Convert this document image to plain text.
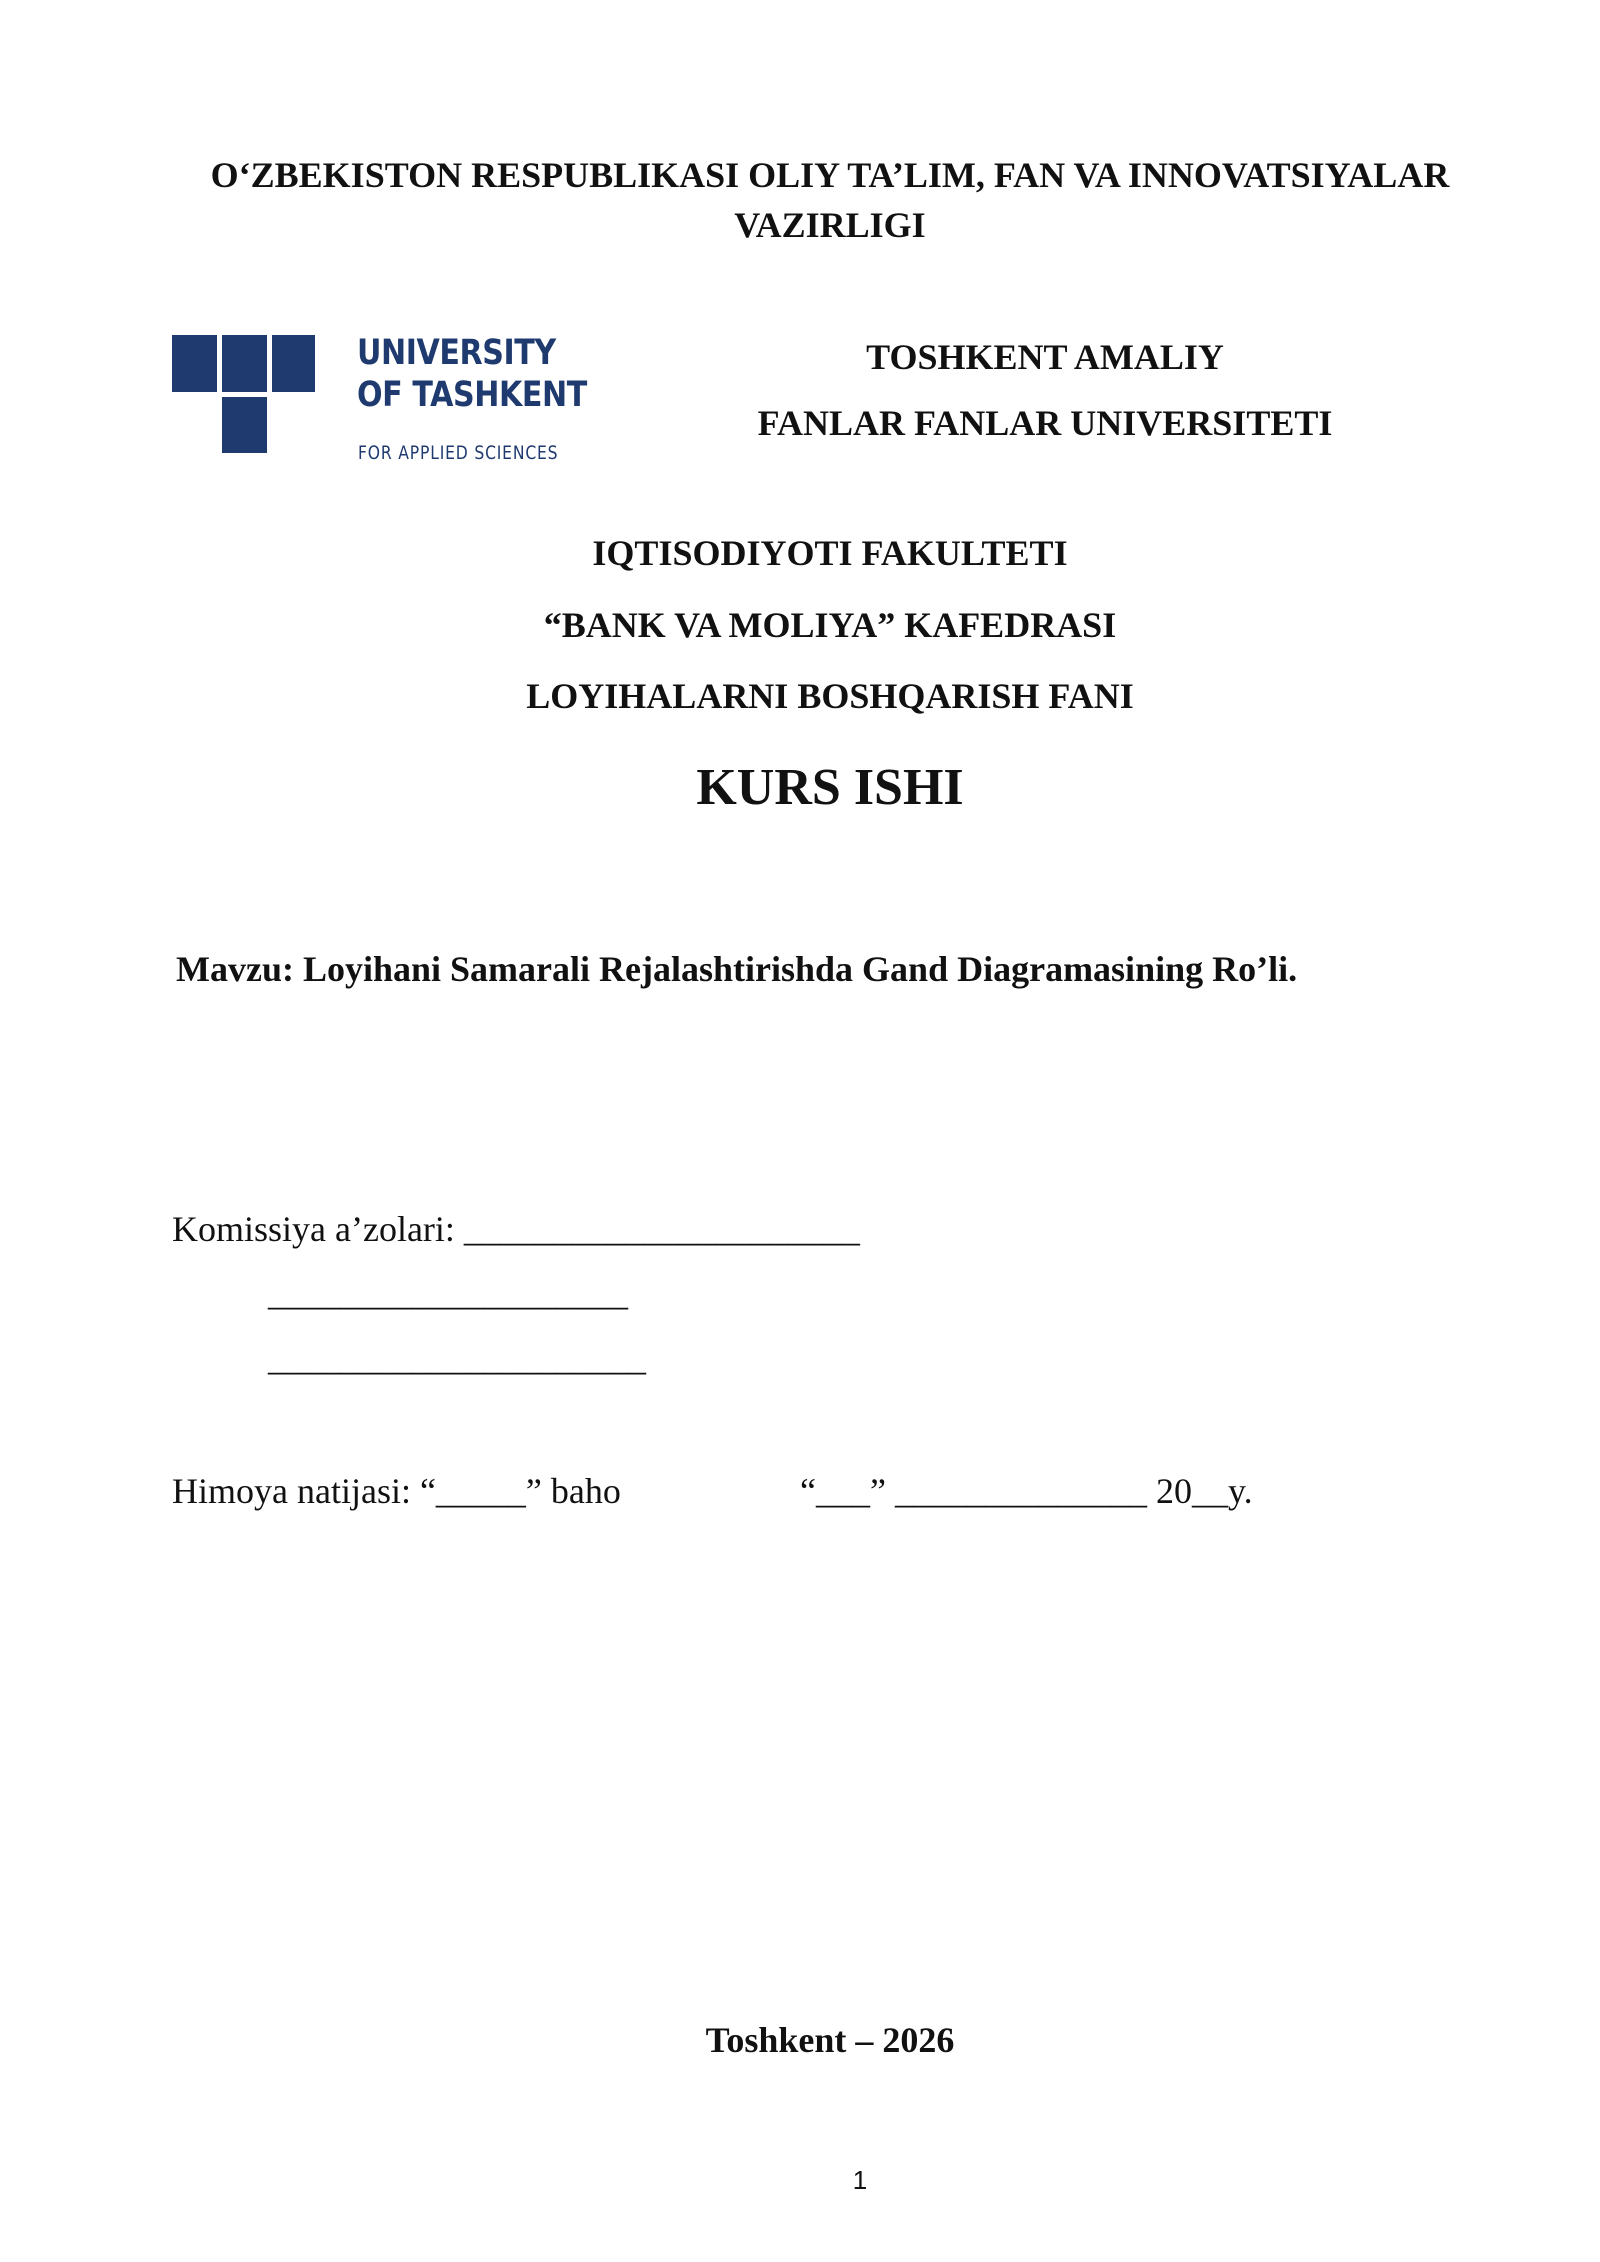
O‘ZBEKISTON RESPUBLIKASI OLIY TA’LIM, FAN VA INNOVATSIYALAR
VAZIRLIGI
UNIVERSITY
OF TASHKENT
FOR APPLIED SCIENCES
TOSHKENT AMALIY
FANLAR FANLAR UNIVERSITETI
IQTISODIYOTI FAKULTETI
“BANK VA MOLIYA” KAFEDRASI
LOYIHALARNI BOSHQARISH FANI
KURS ISHI
Mavzu: Loyihani Samarali Rejalashtirishda Gand Diagramasining Ro’li.
Komissiya a’zolari: ______________________
____________________
_____________________
Himoya natijasi: “_____” baho	“___” ______________ 20__y.
Toshkent – 2026
1
